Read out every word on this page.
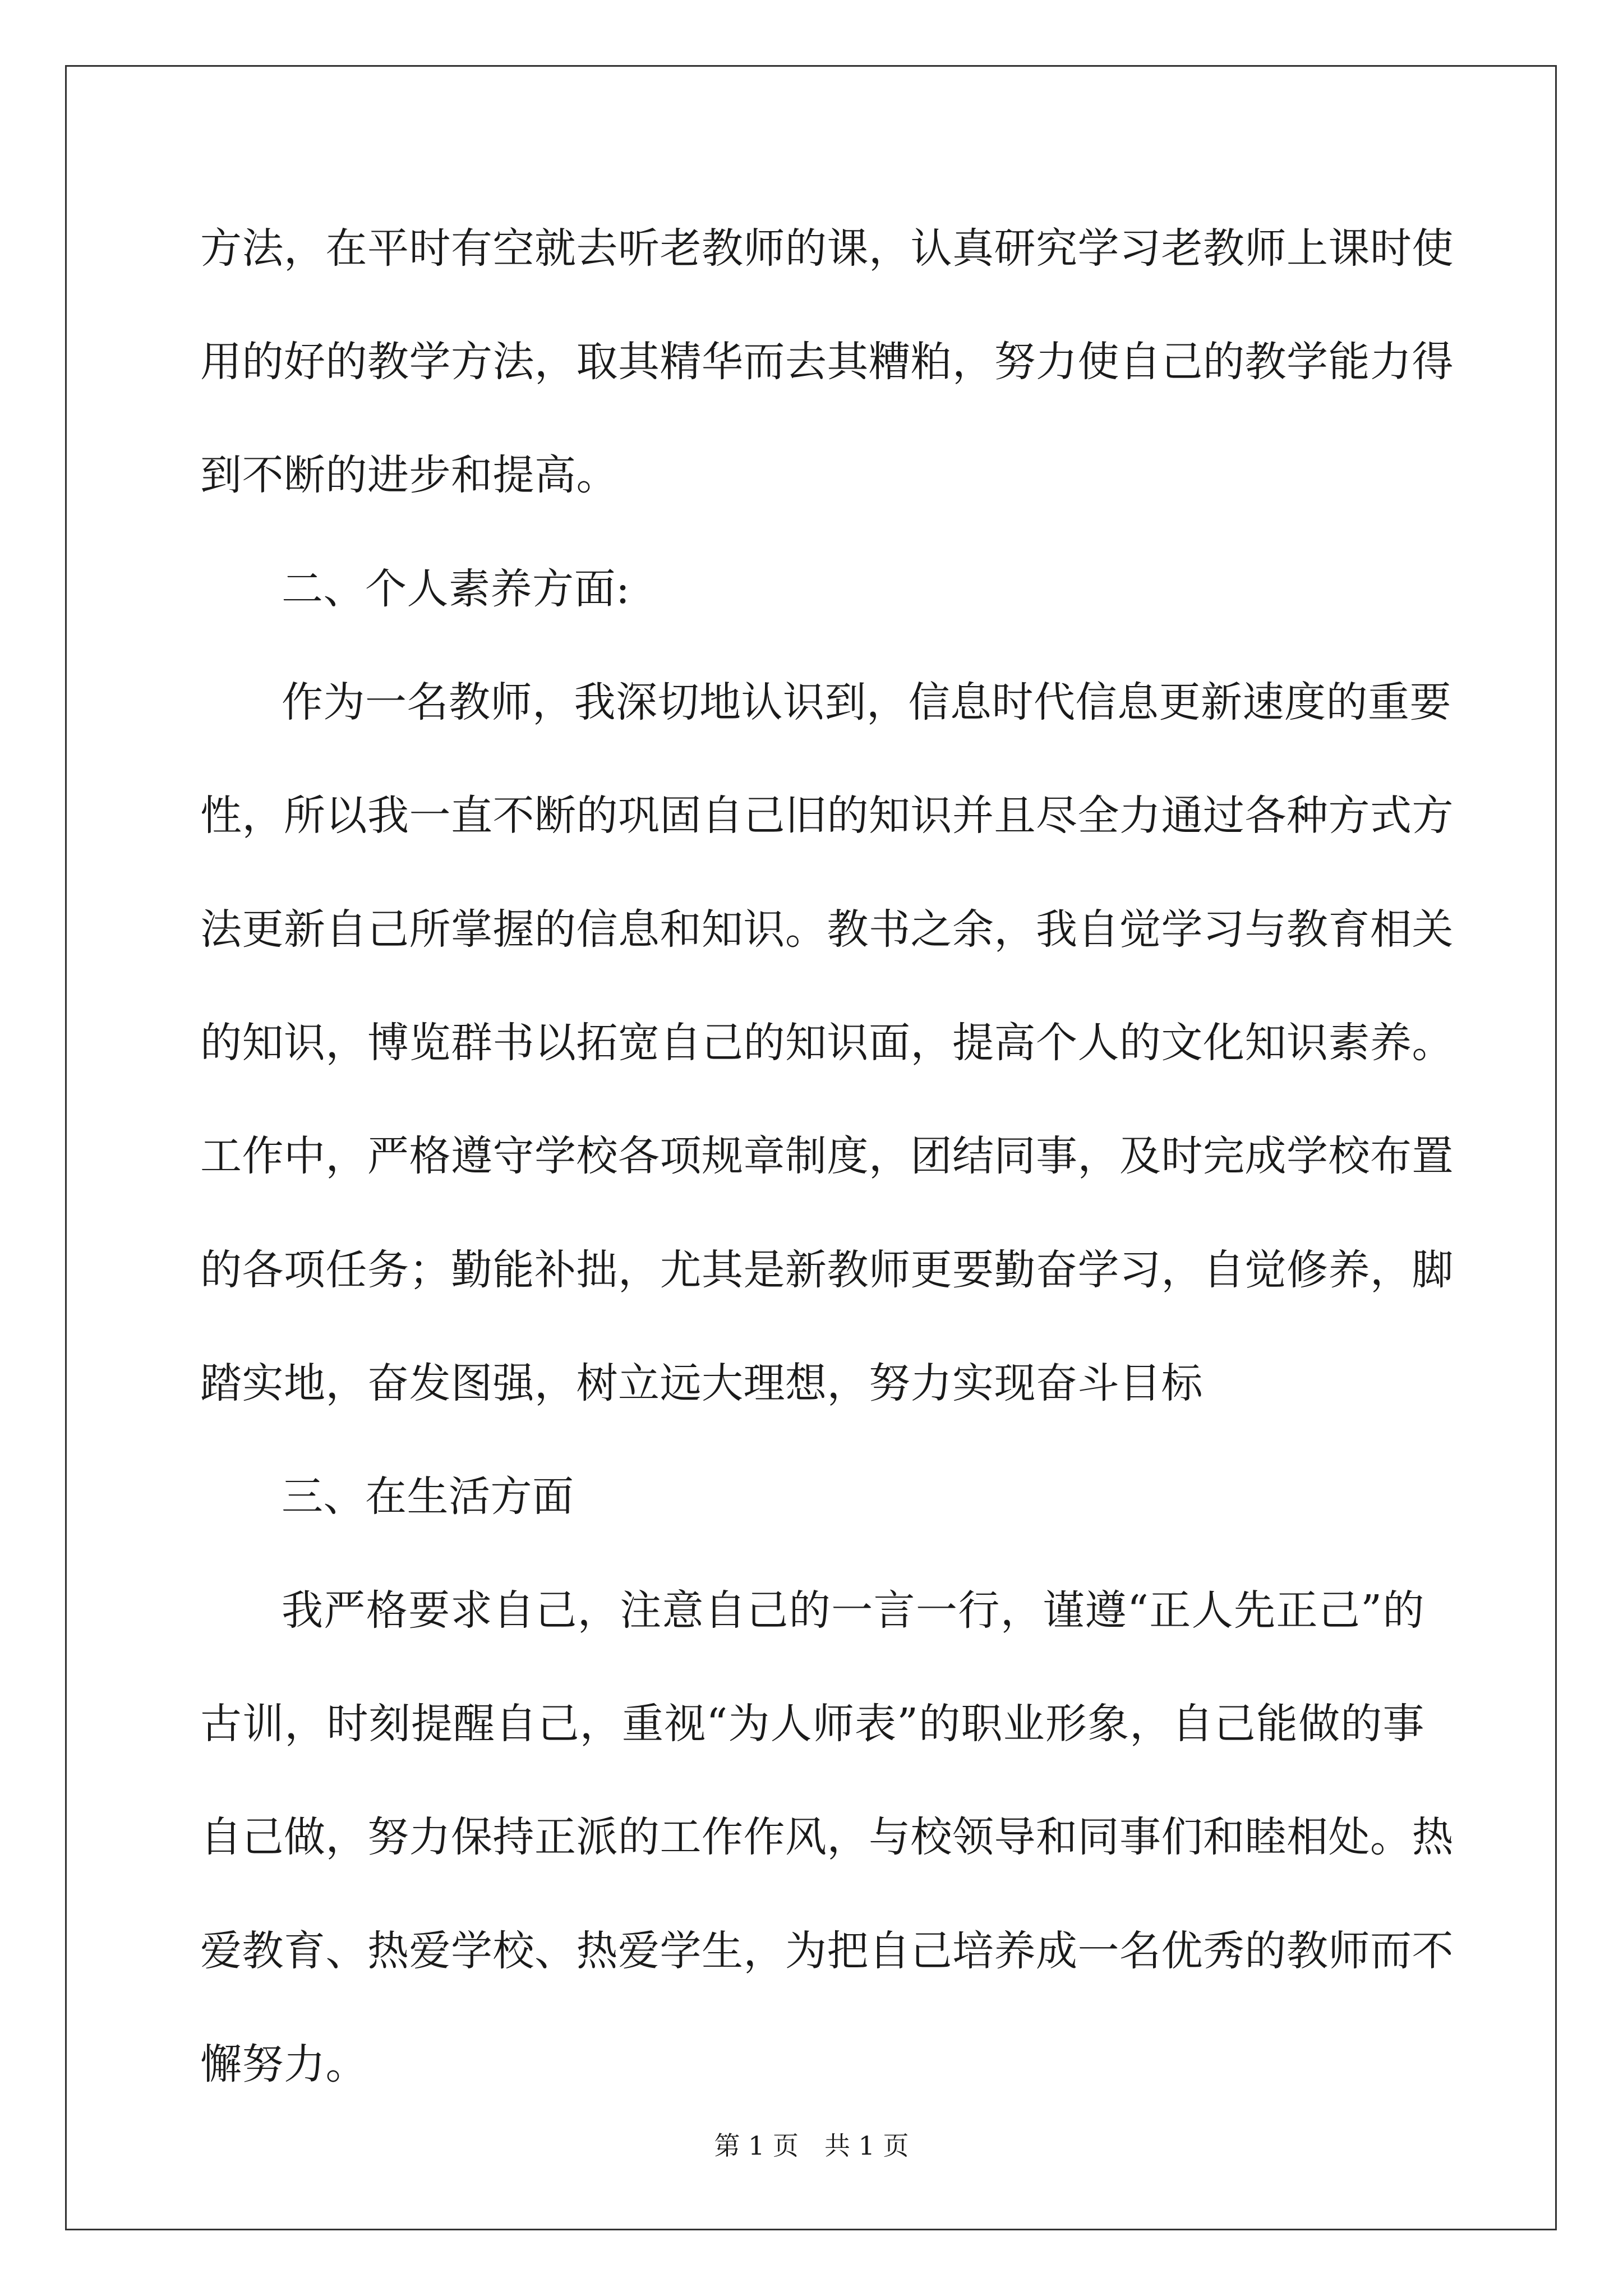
方法，在平时有空就去听老教师的课，认真研究学习老教师上课时使
用的好的教学方法，取其精华而去其糟粕，努力使自己的教学能力得
到不断的进步和提高。
二、个人素养方面:
作为一名教师，我深切地认识到，信息时代信息更新速度的重要
性，所以我一直不断的巩固自己旧的知识并且尽全力通过各种方式方
法更新自己所掌握的信息和知识。教书之余，我自觉学习与教育相关
的知识，博览群书以拓宽自己的知识面，提高个人的文化知识素养。
工作中，严格遵守学校各项规章制度，团结同事，及时完成学校布置
的各项任务；勤能补拙，尤其是新教师更要勤奋学习，自觉修养，脚
踏实地，奋发图强，树立远大理想，努力实现奋斗目标
三、在生活方面
我严格要求自己，注意自己的一言一行，谨遵“正人先正己”的
古训，时刻提醒自己，重视“为人师表”的职业形象，自己能做的事
自己做，努力保持正派的工作作风，与校领导和同事们和睦相处。热
爱教育、热爱学校、热爱学生，为把自己培养成一名优秀的教师而不
懈努力。
第 1 页　共 1 页
